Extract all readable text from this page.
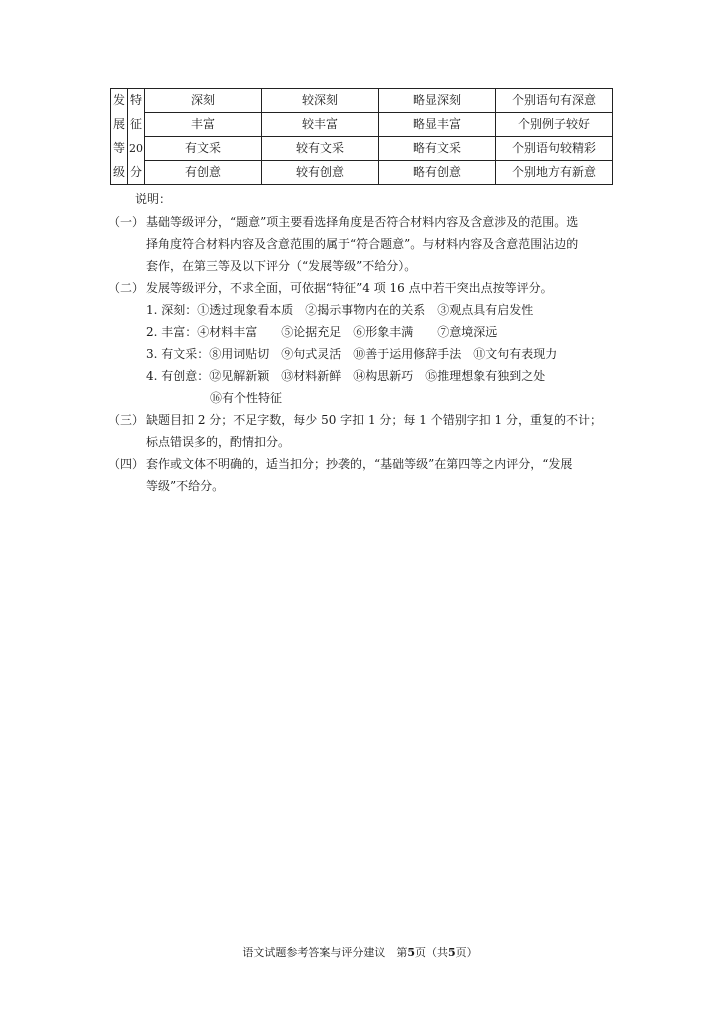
发	特	深刻	较深刻	略显深刻	个别语句有深意
展	征	丰富	较丰富	略显丰富	个别例子较好
等	20	有文采	较有文采	略有文采	个别语句较精彩
级	分	有创意	较有创意	略有创意	个别地方有新意
说明：
（一） 基础等级评分，“题意”项主要看选择角度是否符合材料内容及含意涉及的范围。选
择角度符合材料内容及含意范围的属于“符合题意”。与材料内容及含意范围沾边的
套作，在第三等及以下评分（“发展等级”不给分）。
（二） 发展等级评分，不求全面，可依据“特征”4 项 16 点中若干突出点按等评分。
1. 深刻：①透过现象看本质　②揭示事物内在的关系　③观点具有启发性
2. 丰富：④材料丰富　　⑤论据充足　⑥形象丰满　　⑦意境深远
3. 有文采：⑧用词贴切　⑨句式灵活　⑩善于运用修辞手法　⑪文句有表现力
4. 有创意：⑫见解新颖　⑬材料新鲜　⑭构思新巧　⑮推理想象有独到之处
⑯有个性特征
（三） 缺题目扣 2 分；不足字数，每少 50 字扣 1 分；每 1 个错别字扣 1 分，重复的不计；
标点错误多的，酌情扣分。
（四） 套作或文体不明确的，适当扣分；抄袭的，“基础等级”在第四等之内评分，“发展
等级”不给分。
语文试题参考答案与评分建议  第5页（共5页）
